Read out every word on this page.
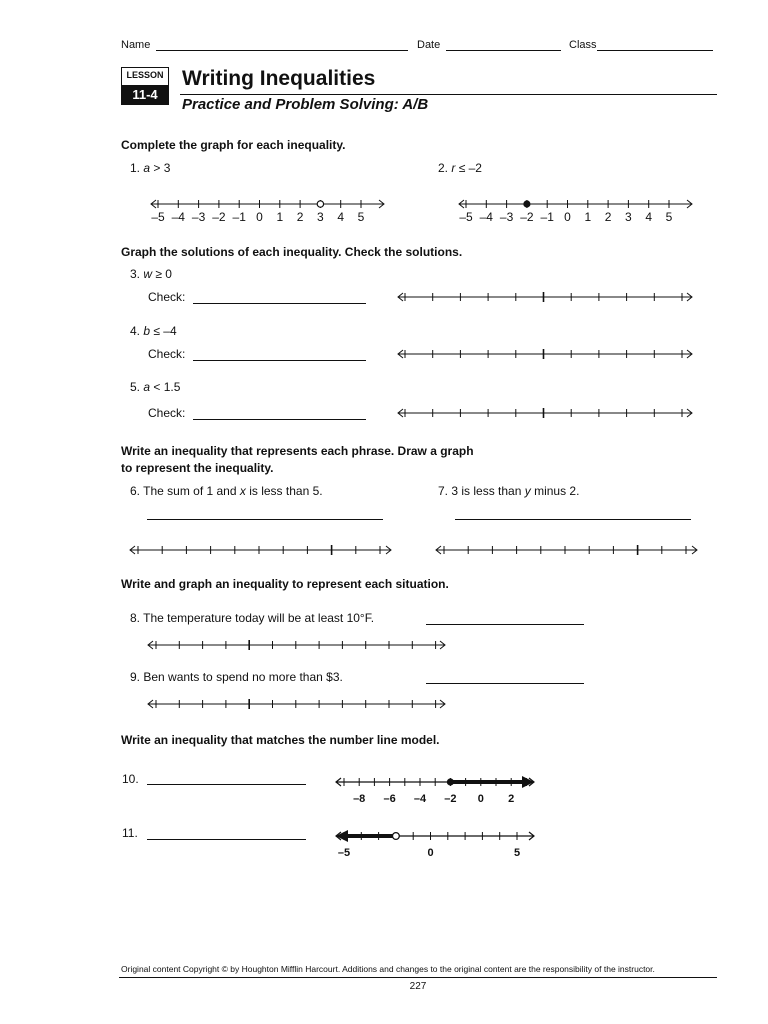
Name	Date	Class
LESSON
11-4
Writing Inequalities
Practice and Problem Solving: A/B
Complete the graph for each inequality.
1. a > 3	2. r ≤ –2
–5 –4 –3 –2 –1 0 1 2 3 4 5	–5 –4 –3 –2 –1 0 1 2 3 4 5
Graph the solutions of each inequality. Check the solutions.
3. w ≥ 0
Check:
4. b ≤ –4
Check:
5. a < 1.5
Check:
Write an inequality that represents each phrase. Draw a graph
to represent the inequality.
6. The sum of 1 and x is less than 5.	7. 3 is less than y minus 2.
Write and graph an inequality to represent each situation.
8. The temperature today will be at least 10°F.
9. Ben wants to spend no more than $3.
Write an inequality that matches the number line model.
10.
–8 –6 –4 –2 0 2
11.
–5	0	5
Original content Copyright © by Houghton Mifflin Harcourt. Additions and changes to the original content are the responsibility of the instructor.
227
